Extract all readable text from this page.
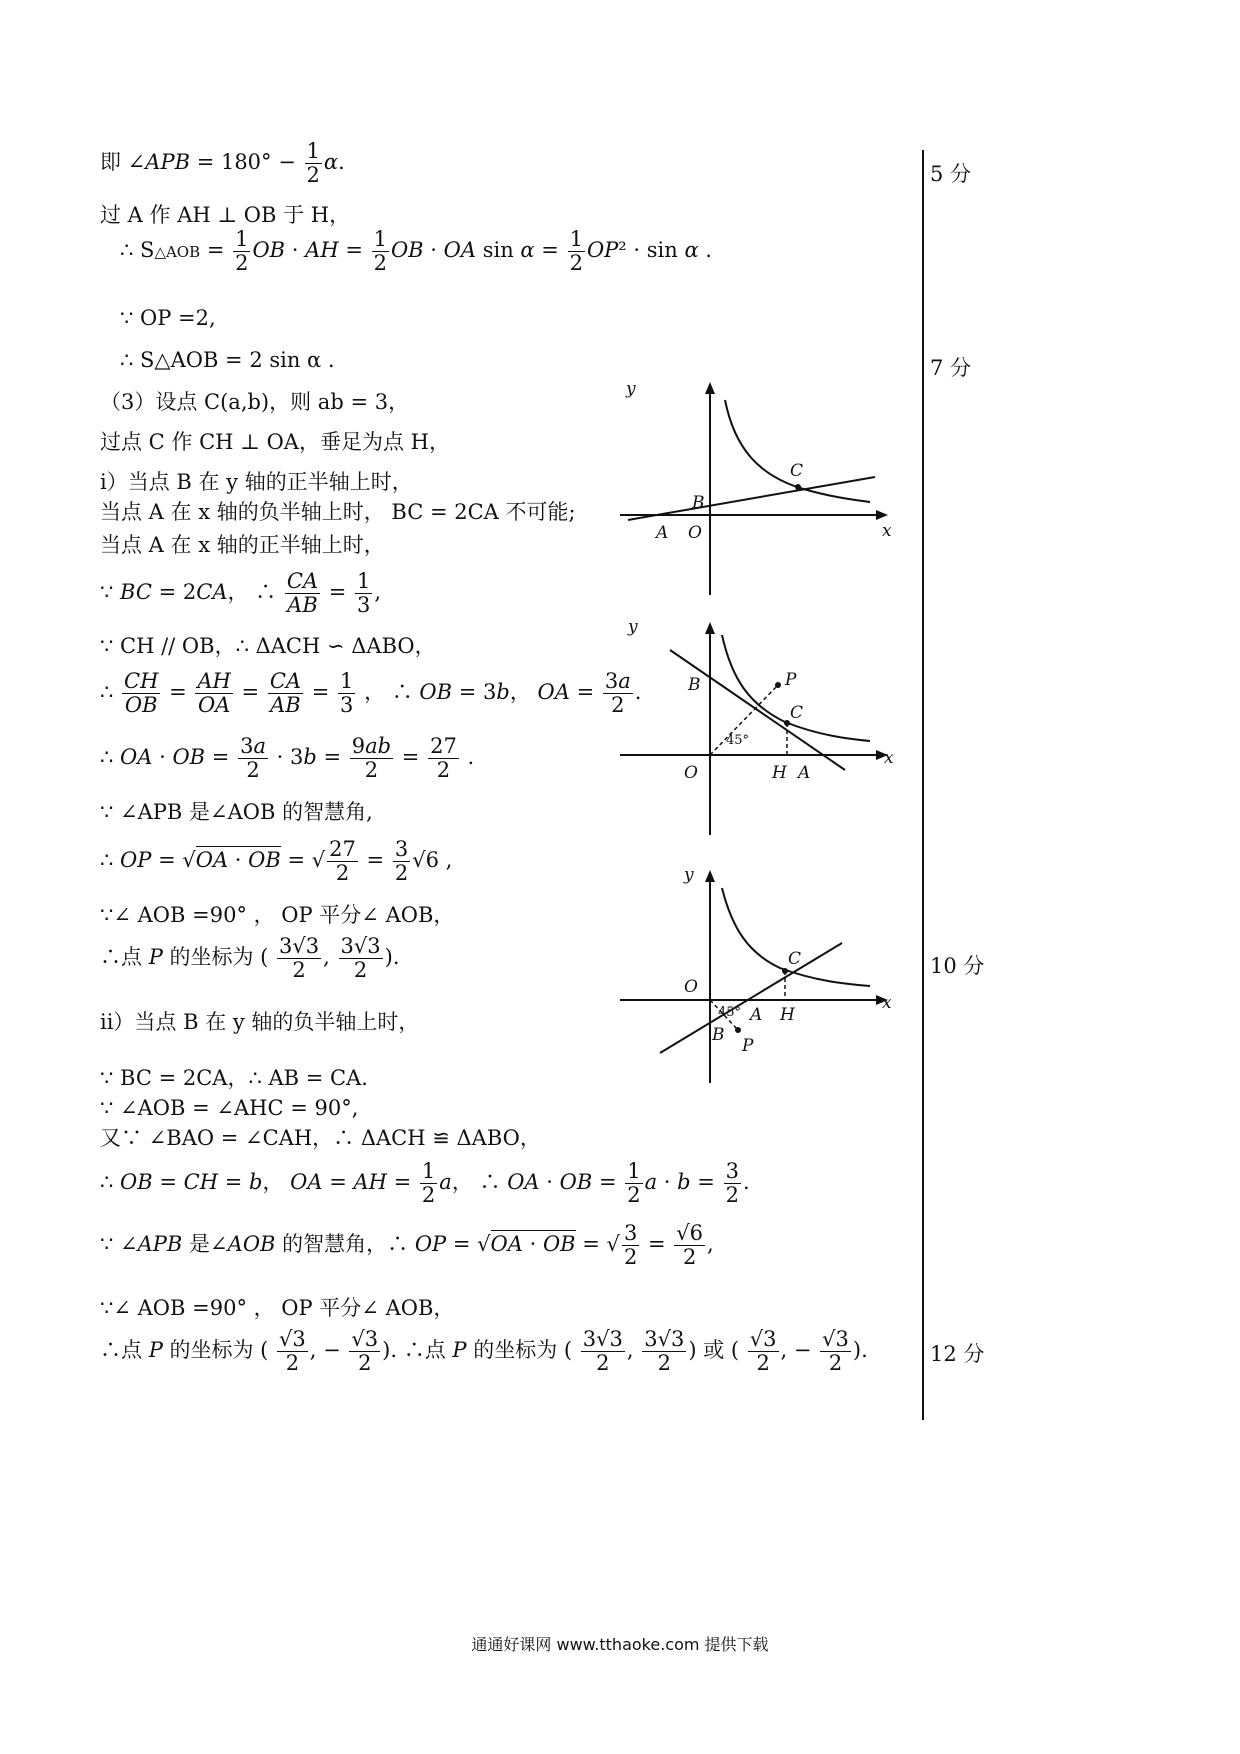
即 ∠APB = $180^\circ - \frac{1}{2} \alpha$.
过 A 作 AH ⊥ OB 于 H，
∴ S△AOB = $\frac{1}{2}$ OB · AH = $\frac{1}{2}$ OB · OA $\sin \alpha = \frac{1}{2} OP^2 \cdot \sin \alpha$ .
∵ OP =2,
∴ S△AOB = 2 sin α .
（3）设点 C(a,b)，则 ab = 3，
过点 C 作 CH ⊥ OA，垂足为点 H，
ⅰ）当点 B 在 y 轴的正半轴上时，
当点 A 在 x 轴的负半轴上时， BC = 2CA 不可能;
当点 A 在 x 轴的正半轴上时，
∵ BC = 2CA， ∴ $\frac{CA}{AB} = \frac{1}{3}$ ,
∵ CH // OB，∴ ΔACH ∽ ΔABO，
∴ $\frac{CH}{OB} = \frac{AH}{OA} = \frac{CA}{AB} = \frac{1}{3}$ ， ∴ OB = 3b， OA = $\frac{3a}{2}$ .
∴ OA · OB = $\frac{3a}{2} \cdot 3b = \frac{9ab}{2} = \frac{27}{2}$ .
∵ ∠APB 是∠AOB 的智慧角,
∴ OP = √OA · OB = √ $\frac{27}{2} = \frac{3}{2} √6$ ,
∵∠ AOB =90° ， OP 平分∠ AOB，
∴点 P 的坐标为 ( $\frac{3√3}{2}$ , $\frac{3√3}{2}$ ).
ⅱ）当点 B 在 y 轴的负半轴上时，
∵ BC = 2CA，∴ AB = CA.
∵ ∠AOB = ∠AHC = 90°,
又∵ ∠BAO = ∠CAH，∴ ΔACH ≌ ΔABO，
∴ OB = CH = b， OA = AH = $\frac{1}{2}$ a， ∴ OA · OB = $\frac{1}{2}$ $a \cdot b = \frac{3}{2}$ .
∵ ∠APB 是∠AOB 的智慧角，∴ OP = √OA · OB = √ $\frac{3}{2} = \frac{√6}{2}$ ,
∵∠ AOB =90° ， OP 平分∠ AOB，
∴点 P 的坐标为 ( $\frac{√3}{2}$ , − $\frac{√3}{2}$ ). ∴点 P 的坐标为 ( $\frac{3√3}{2}$ , $\frac{3√3}{2}$ ) 或 ( $\frac{√3}{2}$ , − $\frac{√3}{2}$ ).
5 分
7 分
10 分
12 分
y
x
C
B
A O
y
x
B	P
C
45°
O	H A
y
x
O
C
45° A H
B
P
通通好课网 www.tthaoke.com 提供下载
